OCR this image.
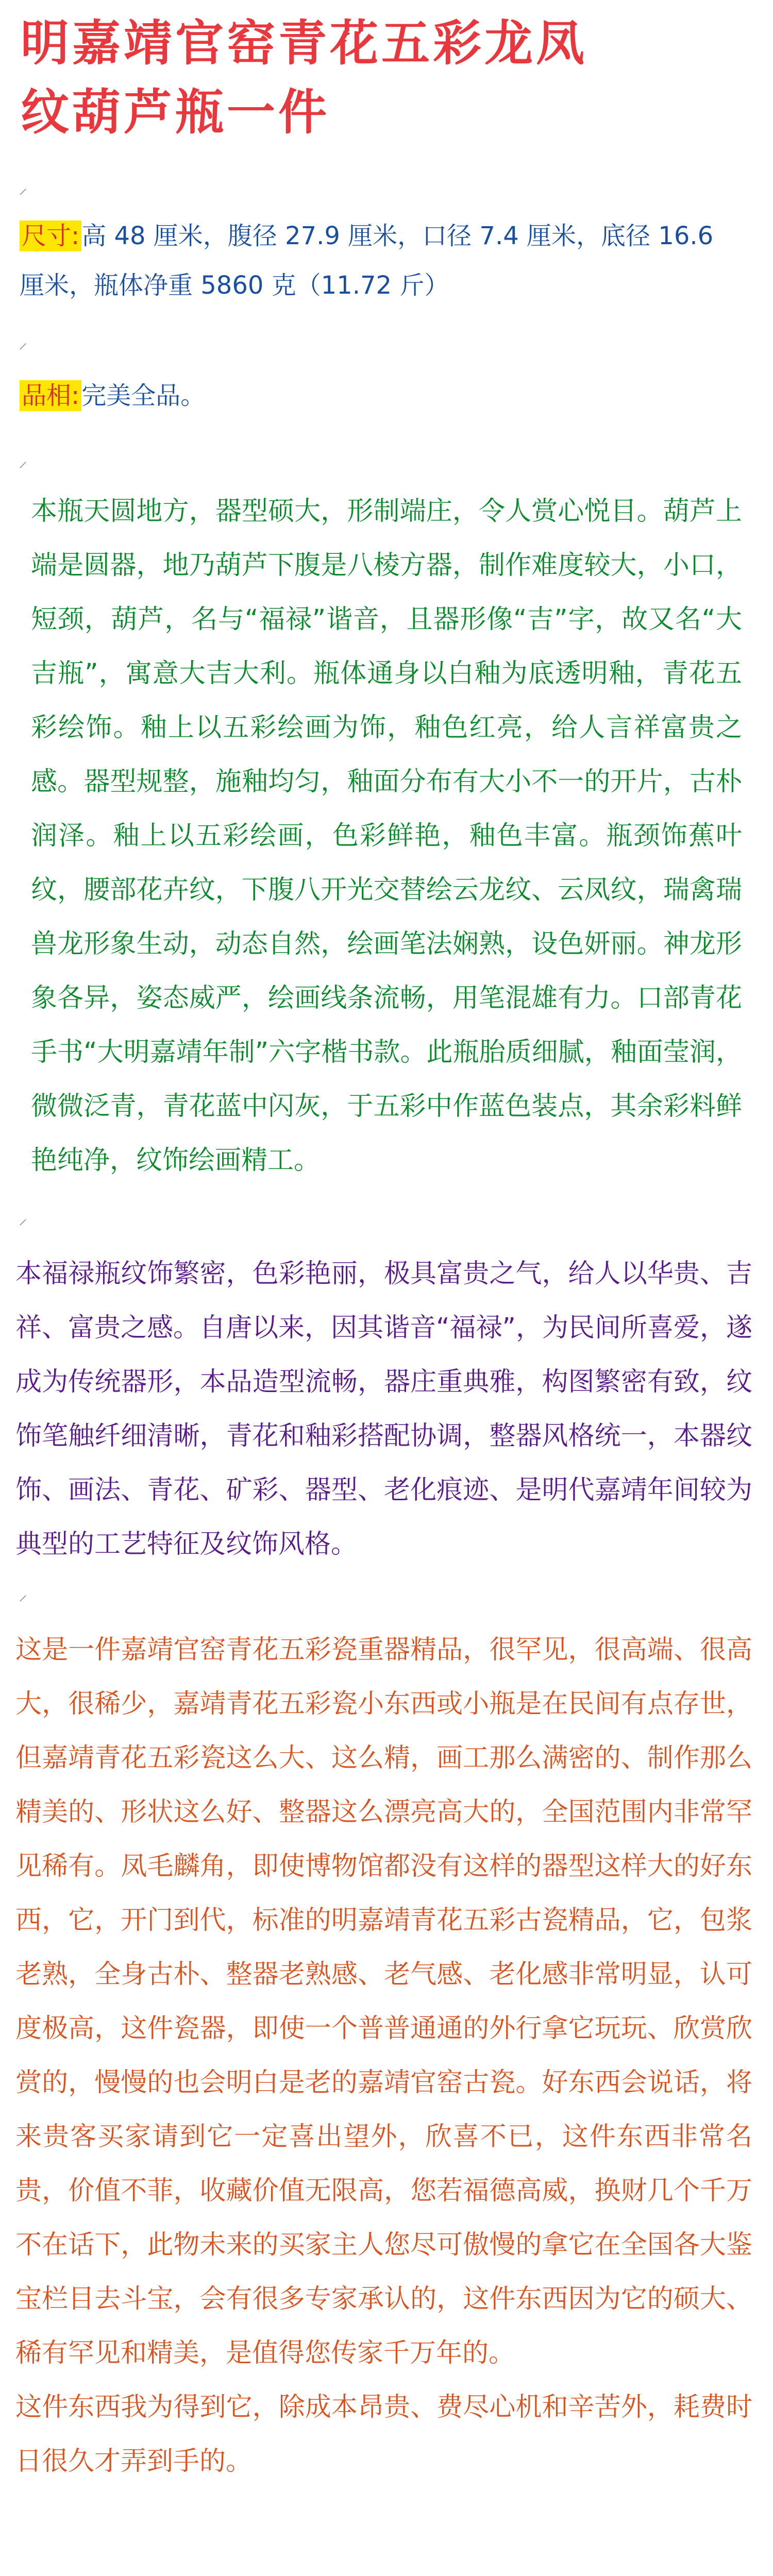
明嘉靖官窑青花五彩龙凤
纹葫芦瓶一件
⸝
尺寸:高 48 厘米，腹径 27.9 厘米，口径 7.4 厘米，底径 16.6
厘米，瓶体净重 5860 克（11.72 斤）
⸝
品相:完美全品。
⸝
本瓶天圆地方，器型硕大，形制端庄，令人赏心悦目。葫芦上端是圆器，地乃葫芦下腹是八棱方器，制作难度较大，小口，短颈，葫芦，名与“福禄”谐音，且器形像“吉”字，故又名“大吉瓶”，寓意大吉大利。瓶体通身以白釉为底透明釉，青花五彩绘饰。釉上以五彩绘画为饰，釉色红亮，给人言祥富贵之感。器型规整，施釉均匀，釉面分布有大小不一的开片，古朴润泽。釉上以五彩绘画，色彩鲜艳，釉色丰富。瓶颈饰蕉叶纹，腰部花卉纹，下腹八开光交替绘云龙纹、云凤纹，瑞禽瑞兽龙形象生动，动态自然，绘画笔法娴熟，设色妍丽。神龙形象各异，姿态威严，绘画线条流畅，用笔混雄有力。口部青花手书“大明嘉靖年制”六字楷书款。此瓶胎质细腻，釉面莹润，微微泛青，青花蓝中闪灰，于五彩中作蓝色装点，其余彩料鲜艳纯净，纹饰绘画精工。
⸝
本福禄瓶纹饰繁密，色彩艳丽，极具富贵之气，给人以华贵、吉祥、富贵之感。自唐以来，因其谐音“福禄”，为民间所喜爱，遂成为传统器形，本品造型流畅，器庄重典雅，构图繁密有致，纹饰笔触纤细清晰，青花和釉彩搭配协调，整器风格统一，本器纹饰、画法、青花、矿彩、器型、老化痕迹、是明代嘉靖年间较为典型的工艺特征及纹饰风格。
⸝
这是一件嘉靖官窑青花五彩瓷重器精品，很罕见，很高端、很高大，很稀少，嘉靖青花五彩瓷小东西或小瓶是在民间有点存世，但嘉靖青花五彩瓷这么大、这么精，画工那么满密的、制作那么精美的、形状这么好、整器这么漂亮高大的，全国范围内非常罕见稀有。凤毛麟角，即使博物馆都没有这样的器型这样大的好东西，它，开门到代，标准的明嘉靖青花五彩古瓷精品，它，包浆老熟，全身古朴、整器老熟感、老气感、老化感非常明显，认可度极高，这件瓷器，即使一个普普通通的外行拿它玩玩、欣赏欣赏的，慢慢的也会明白是老的嘉靖官窑古瓷。好东西会说话，将来贵客买家请到它一定喜出望外，欣喜不已，这件东西非常名贵，价值不菲，收藏价值无限高，您若福德高威，换财几个千万不在话下，此物未来的买家主人您尽可傲慢的拿它在全国各大鉴宝栏目去斗宝，会有很多专家承认的，这件东西因为它的硕大、稀有罕见和精美，是值得您传家千万年的。
这件东西我为得到它，除成本昂贵、费尽心机和辛苦外，耗费时日很久才弄到手的。
